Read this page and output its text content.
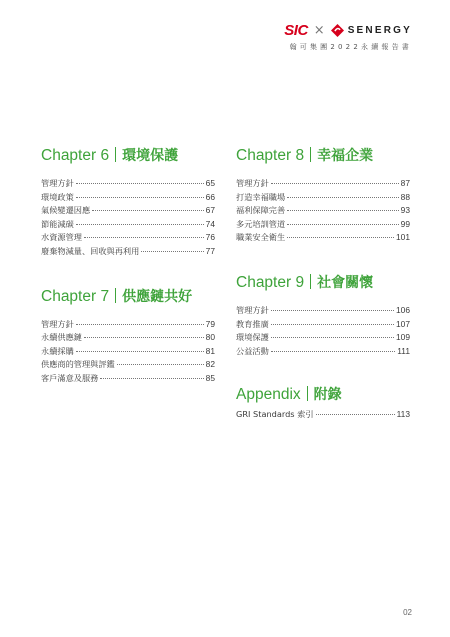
SIC × SENERGY
翰可集團2022永續報告書
Chapter 6 環境保護
管理方針	65
環境政策	66
氣候變遷因應	67
節能減碳	74
水資源管理	76
廢棄物減量、回收與再利用	77
Chapter 7 供應鏈共好
管理方針	79
永續供應鏈	80
永續採購	81
供應商的管理與評鑑	82
客戶滿意及服務	85
Chapter 8 幸福企業
管理方針	87
打造幸福職場	88
福利保障完善	93
多元培訓管道	99
職業安全衛生	101
Chapter 9 社會關懷
管理方針	106
教育推廣	107
環境保護	109
公益活動	111
Appendix 附錄
GRI Standards 索引	113
02
